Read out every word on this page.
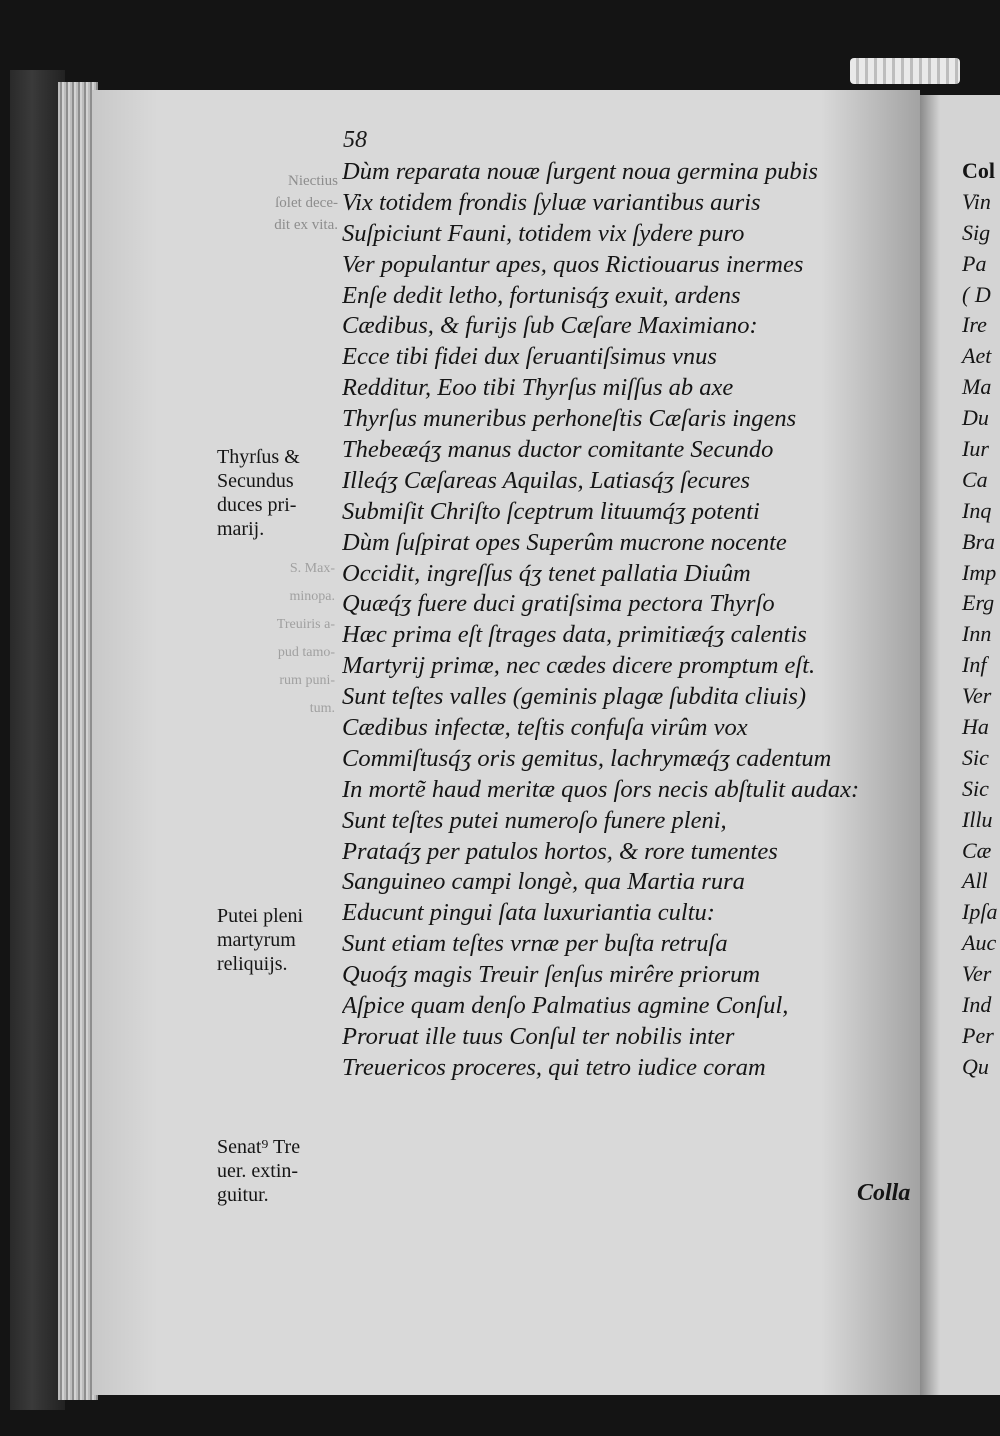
Niectius
ſolet dece-
dit ex vita.
S. Max-
minopa.
Treuiris a-
pud tamo-
rum puni-
tum.
58
Dùm reparata nouæ ſurgent noua germina pubis
Vix totidem frondis ſyluæ variantibus auris
Suſpiciunt Fauni, totidem vix ſydere puro
Ver populantur apes, quos Rictiouarus inermes
Enſe dedit letho, fortunisq́ʒ exuit, ardens
Cædibus, & furijs ſub Cæſare Maximiano:
Ecce tibi fidei dux ſeruantiſsimus vnus
Redditur, Eoo tibi Thyrſus miſſus ab axe
Thyrſus muneribus perhoneſtis Cæſaris ingens
Thebeæq́ʒ manus ductor comitante Secundo
Illeq́ʒ Cæſareas Aquilas, Latiasq́ʒ ſecures
Submiſit Chriſto ſceptrum lituumq́ʒ potenti
Dùm ſuſpirat opes Superûm mucrone nocente
Occidit, ingreſſus q́ʒ tenet pallatia Diuûm
Quæq́ʒ fuere duci gratiſsima pectora Thyrſo
Hæc prima eſt ſtrages data, primitiæq́ʒ calentis
Martyrij primæ, nec cædes dicere promptum eſt.
Sunt teſtes valles (geminis plagæ ſubdita cliuis)
Cædibus infectæ, teſtis confuſa virûm vox
Commiſtusq́ʒ oris gemitus, lachrymæq́ʒ cadentum
In mortẽ haud meritæ quos ſors necis abſtulit audax:
Sunt teſtes putei numeroſo funere pleni,
Prataq́ʒ per patulos hortos, & rore tumentes
Sanguineo campi longè, qua Martia rura
Educunt pingui ſata luxuriantia cultu:
Sunt etiam teſtes vrnæ per buſta retruſa
Quoq́ʒ magis Treuir ſenſus mirêre priorum
Aſpice quam denſo Palmatius agmine Conſul,
Proruat ille tuus Conſul ter nobilis inter
Treuericos proceres, qui tetro iudice coram
Thyrſus &
Secundus
duces pri-
marij.
Putei pleni
martyrum
reliquijs.
Senat⁹ Tre
uer. extin-
guitur.	Colla
Col
Vin
Sig
Pa
( D
Ire
Aet
Ma
Du
Iur
Ca
Inq
Bra
Imp
Erg
Inn
Inf
Ver
Ha
Sic
Sic
Illu
Cæ
All
Ipſa
Auc
Ver
Ind
Per
Qu
